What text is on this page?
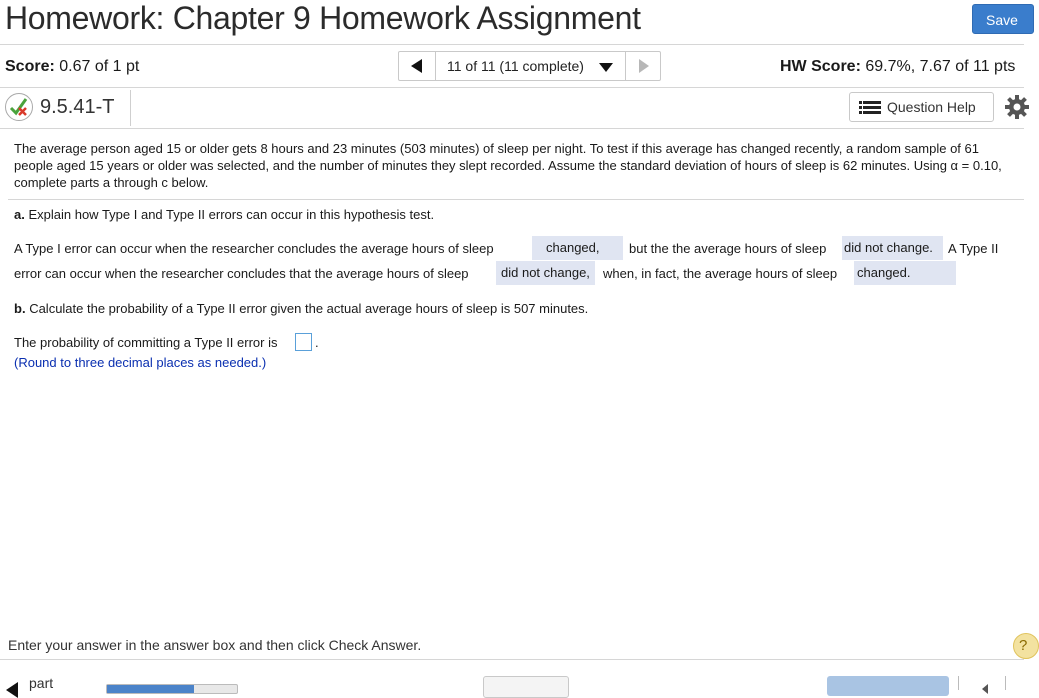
Homework: Chapter 9 Homework Assignment	Save
Score: 0.67 of 1 pt	11 of 11 (11 complete)	HW Score: 69.7%, 7.67 of 11 pts
9.5.41-T	Question Help
The average person aged 15 or older gets 8 hours and 23 minutes (503 minutes) of sleep per night. To test if this average has changed recently, a random sample of 61 people aged 15 years or older was selected, and the number of minutes they slept recorded. Assume the standard deviation of hours of sleep is 62 minutes. Using α = 0.10, complete parts a through c below.
a. Explain how Type I and Type II errors can occur in this hypothesis test.
A Type I error can occur when the researcher concludes the average hours of sleep	changed,	but the the average hours of sleep did not change.	A Type II
error can occur when the researcher concludes that the average hours of sleep	did not change,	when, in fact, the average hours of sleep changed.
b. Calculate the probability of a Type II error given the actual average hours of sleep is 507 minutes.
The probability of committing a Type II error is	.
(Round to three decimal places as needed.)
Enter your answer in the answer box and then click Check Answer.	?
part
